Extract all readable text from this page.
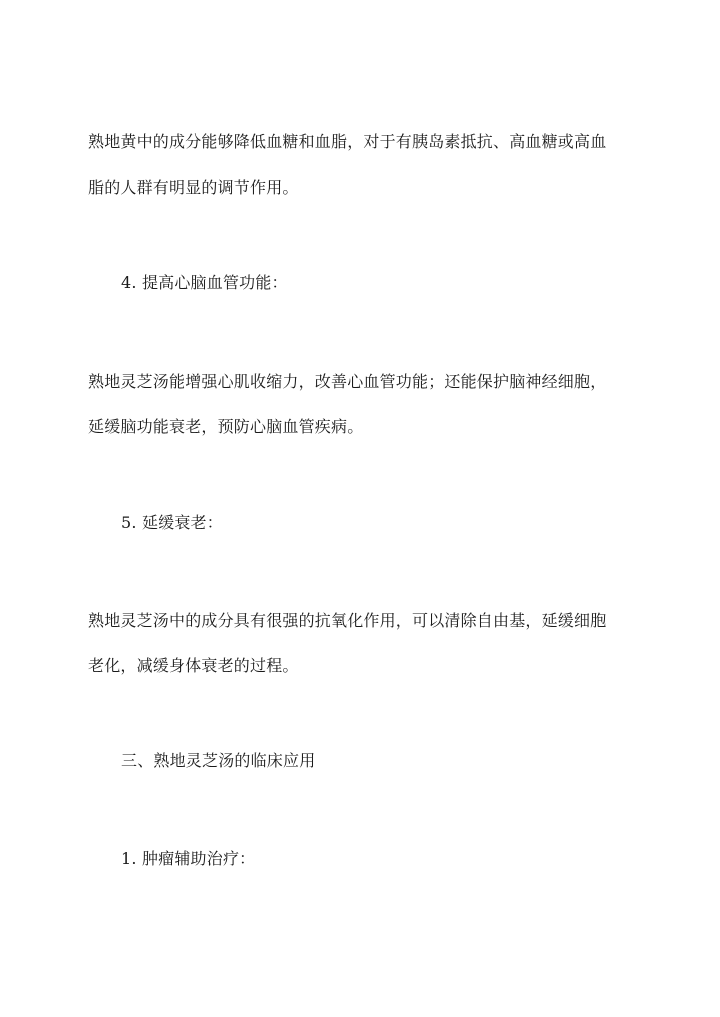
熟地黄中的成分能够降低血糖和血脂，对于有胰岛素抵抗、高血糖或高血
脂的人群有明显的调节作用。
4. 提高心脑血管功能：
熟地灵芝汤能增强心肌收缩力，改善心血管功能；还能保护脑神经细胞，
延缓脑功能衰老，预防心脑血管疾病。
5. 延缓衰老：
熟地灵芝汤中的成分具有很强的抗氧化作用，可以清除自由基，延缓细胞
老化，减缓身体衰老的过程。
三、熟地灵芝汤的临床应用
1. 肿瘤辅助治疗：
